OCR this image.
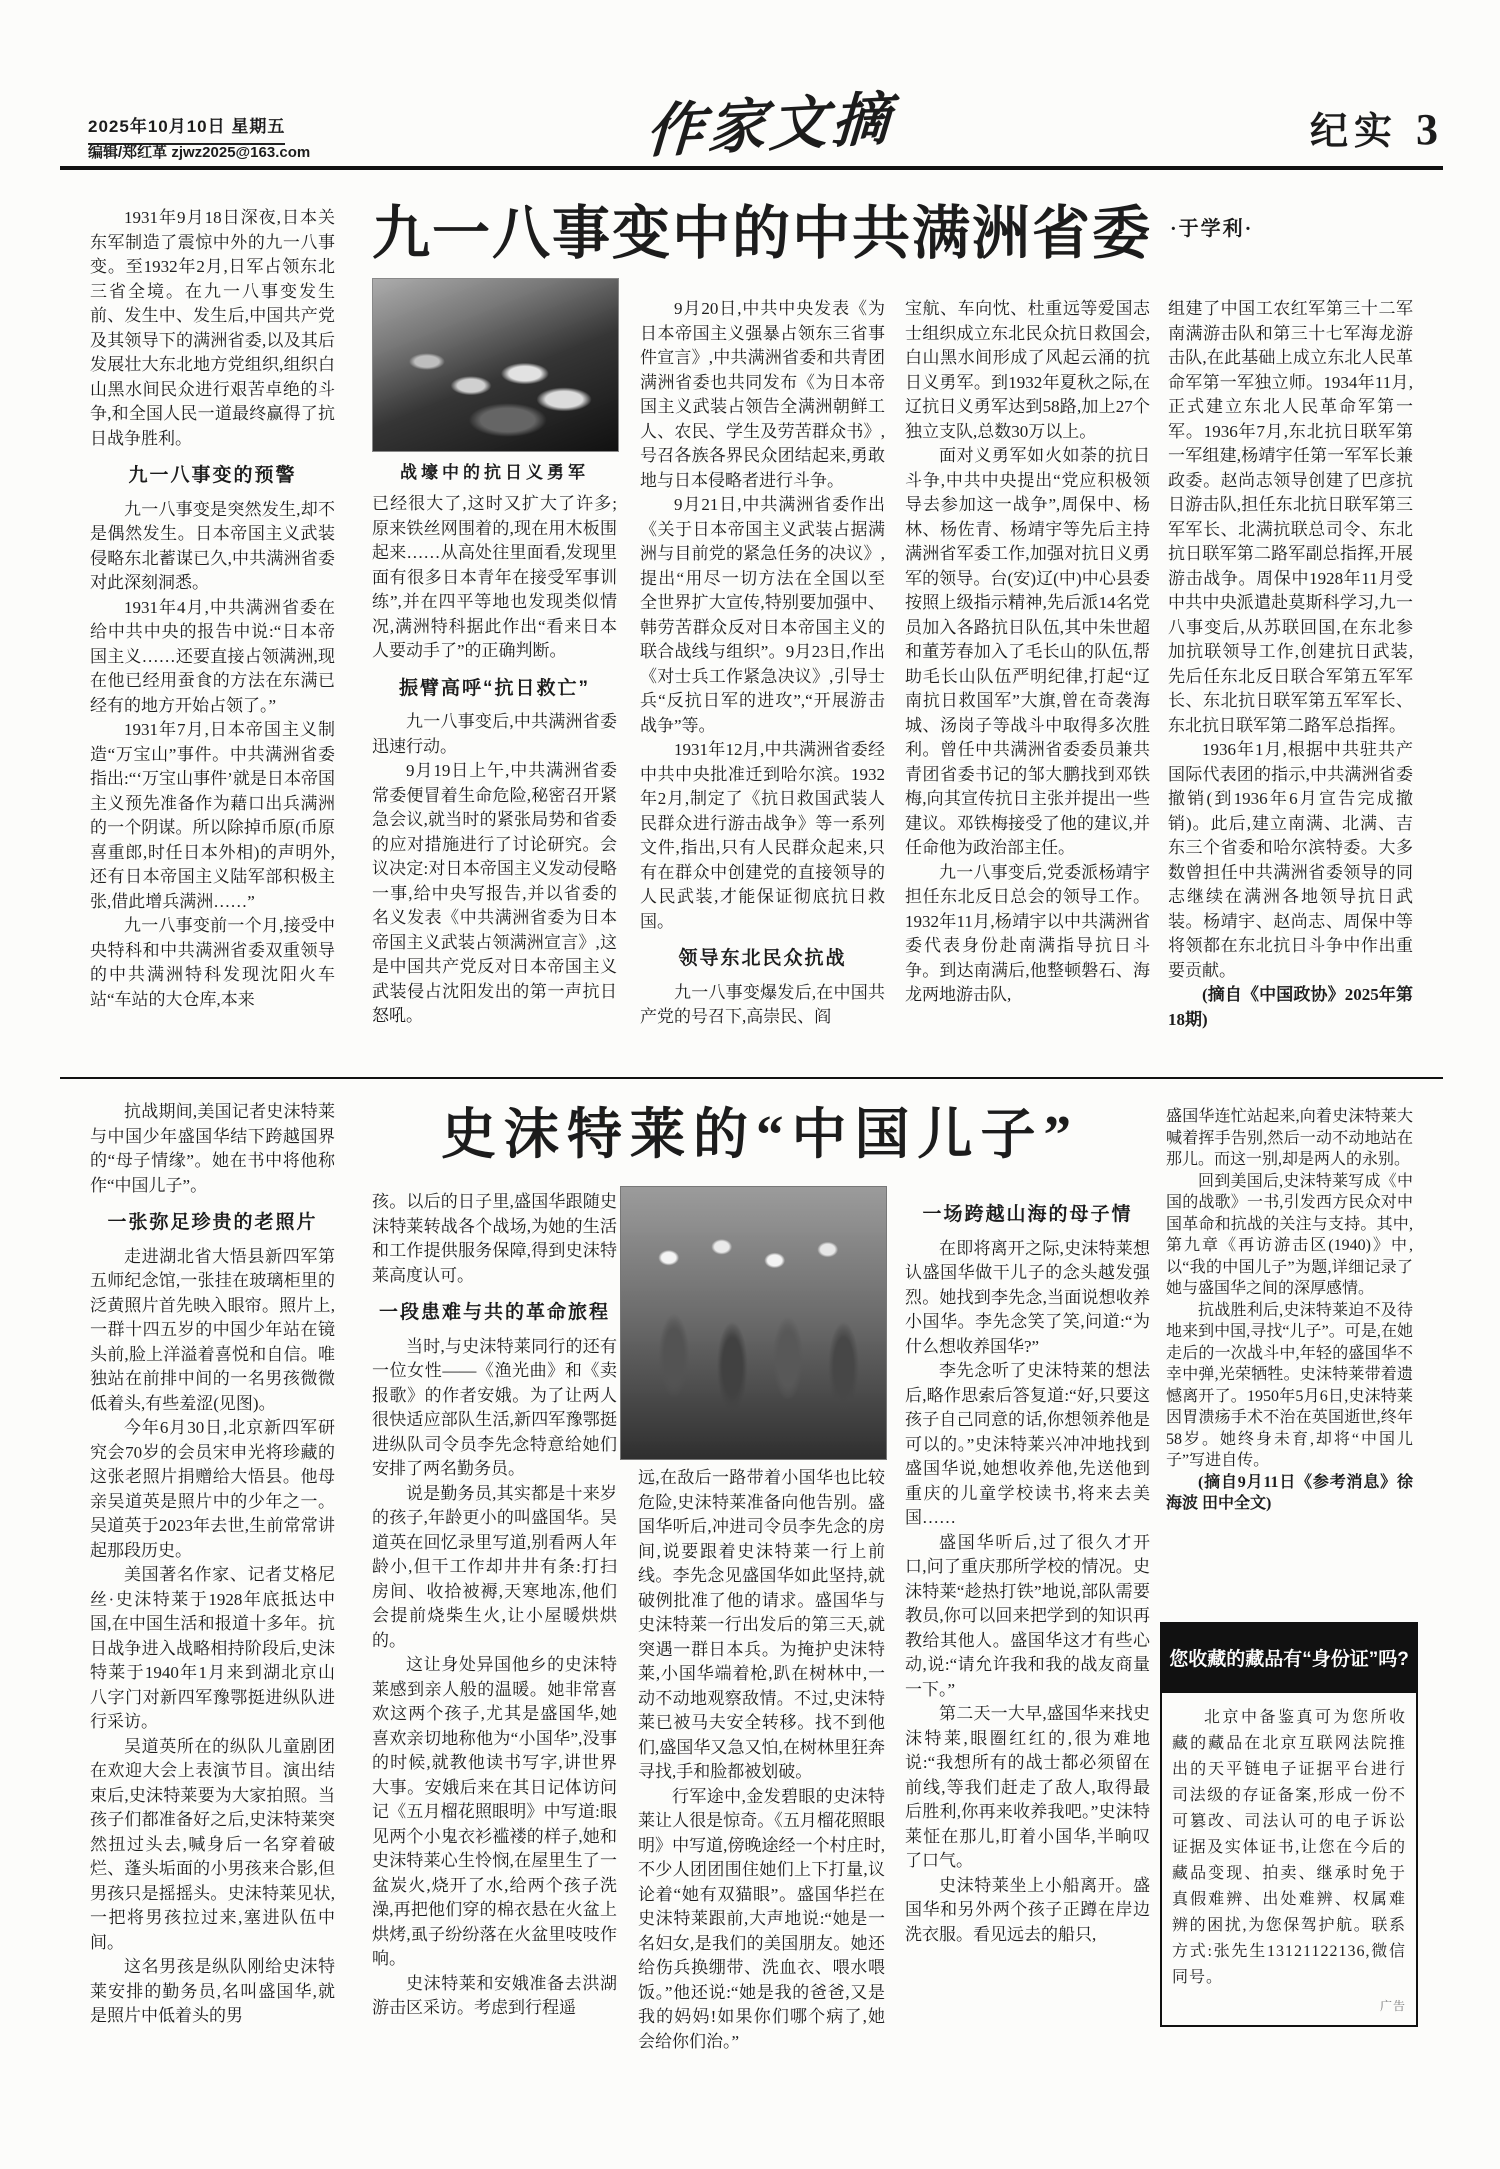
2025年10月10日 星期五
编辑/郑红革 zjwz2025@163.com	作家文摘	纪实 3
九一八事变中的中共满洲省委 ·于学利·
战壕中的抗日义勇军

1931年9月18日深夜,日本关东军制造了震惊中外的九一八事变。至1932年2月,日军占领东北三省全境。在九一八事变发生前、发生中、发生后,中国共产党及其领导下的满洲省委,以及其后发展壮大东北地方党组织,组织白山黑水间民众进行艰苦卓绝的斗争,和全国人民一道最终赢得了抗日战争胜利。

九一八事变的预警

九一八事变是突然发生,却不是偶然发生。日本帝国主义武装侵略东北蓄谋已久,中共满洲省委对此深刻洞悉。

1931年4月,中共满洲省委在给中共中央的报告中说:“日本帝国主义……还要直接占领满洲,现在他已经用蚕食的方法在东满已经有的地方开始占领了。”

1931年7月,日本帝国主义制造“万宝山”事件。中共满洲省委指出:“‘万宝山事件’就是日本帝国主义预先准备作为藉口出兵满洲的一个阴谋。所以除掉币原(币原喜重郎,时任日本外相)的声明外,还有日本帝国主义陆军部积极主张,借此增兵满洲……”

九一八事变前一个月,接受中央特科和中共满洲省委双重领导的中共满洲特科发现沈阳火车站“车站的大仓库,本来

已经很大了,这时又扩大了许多;原来铁丝网围着的,现在用木板围起来……从高处往里面看,发现里面有很多日本青年在接受军事训练”,并在四平等地也发现类似情况,满洲特科据此作出“看来日本人要动手了”的正确判断。

振臂高呼“抗日救亡”

九一八事变后,中共满洲省委迅速行动。

9月19日上午,中共满洲省委常委便冒着生命危险,秘密召开紧急会议,就当时的紧张局势和省委的应对措施进行了讨论研究。会议决定:对日本帝国主义发动侵略一事,给中央写报告,并以省委的名义发表《中共满洲省委为日本帝国主义武装占领满洲宣言》,这是中国共产党反对日本帝国主义武装侵占沈阳发出的第一声抗日怒吼。

9月20日,中共中央发表《为日本帝国主义强暴占领东三省事件宣言》,中共满洲省委和共青团满洲省委也共同发布《为日本帝国主义武装占领告全满洲朝鲜工人、农民、学生及劳苦群众书》,号召各族各界民众团结起来,勇敢地与日本侵略者进行斗争。

9月21日,中共满洲省委作出《关于日本帝国主义武装占据满洲与目前党的紧急任务的决议》,提出“用尽一切方法在全国以至全世界扩大宣传,特别要加强中、韩劳苦群众反对日本帝国主义的联合战线与组织”。9月23日,作出《对士兵工作紧急决议》,引导士兵“反抗日军的进攻”,“开展游击战争”等。

1931年12月,中共满洲省委经中共中央批准迁到哈尔滨。1932年2月,制定了《抗日救国武装人民群众进行游击战争》等一系列文件,指出,只有人民群众起来,只有在群众中创建党的直接领导的人民武装,才能保证彻底抗日救国。

领导东北民众抗战

九一八事变爆发后,在中国共产党的号召下,高崇民、阎

宝航、车向忱、杜重远等爱国志士组织成立东北民众抗日救国会,白山黑水间形成了风起云涌的抗日义勇军。到1932年夏秋之际,在辽抗日义勇军达到58路,加上27个独立支队,总数30万以上。

面对义勇军如火如荼的抗日斗争,中共中央提出“党应积极领导去参加这一战争”,周保中、杨林、杨佐青、杨靖宇等先后主持满洲省军委工作,加强对抗日义勇军的领导。台(安)辽(中)中心县委按照上级指示精神,先后派14名党员加入各路抗日队伍,其中朱世超和董芳春加入了毛长山的队伍,帮助毛长山队伍严明纪律,打起“辽南抗日救国军”大旗,曾在奇袭海城、汤岗子等战斗中取得多次胜利。曾任中共满洲省委委员兼共青团省委书记的邹大鹏找到邓铁梅,向其宣传抗日主张并提出一些建议。邓铁梅接受了他的建议,并任命他为政治部主任。

九一八事变后,党委派杨靖宇担任东北反日总会的领导工作。1932年11月,杨靖宇以中共满洲省委代表身份赴南满指导抗日斗争。到达南满后,他整顿磐石、海龙两地游击队,

组建了中国工农红军第三十二军南满游击队和第三十七军海龙游击队,在此基础上成立东北人民革命军第一军独立师。1934年11月,正式建立东北人民革命军第一军。1936年7月,东北抗日联军第一军组建,杨靖宇任第一军军长兼政委。赵尚志领导创建了巴彦抗日游击队,担任东北抗日联军第三军军长、北满抗联总司令、东北抗日联军第二路军副总指挥,开展游击战争。周保中1928年11月受中共中央派遣赴莫斯科学习,九一八事变后,从苏联回国,在东北参加抗联领导工作,创建抗日武装,先后任东北反日联合军第五军军长、东北抗日联军第五军军长、东北抗日联军第二路军总指挥。

1936年1月,根据中共驻共产国际代表团的指示,中共满洲省委撤销(到1936年6月宣告完成撤销)。此后,建立南满、北满、吉东三个省委和哈尔滨特委。大多数曾担任中共满洲省委领导的同志继续在满洲各地领导抗日武装。杨靖宇、赵尚志、周保中等将领都在东北抗日斗争中作出重要贡献。

(摘自《中国政协》2025年第18期)

史沫特莱的“中国儿子”

抗战期间,美国记者史沫特莱与中国少年盛国华结下跨越国界的“母子情缘”。她在书中将他称作“中国儿子”。

一张弥足珍贵的老照片

走进湖北省大悟县新四军第五师纪念馆,一张挂在玻璃柜里的泛黄照片首先映入眼帘。照片上,一群十四五岁的中国少年站在镜头前,脸上洋溢着喜悦和自信。唯独站在前排中间的一名男孩微微低着头,有些羞涩(见图)。

今年6月30日,北京新四军研究会70岁的会员宋申光将珍藏的这张老照片捐赠给大悟县。他母亲吴道英是照片中的少年之一。吴道英于2023年去世,生前常常讲起那段历史。

美国著名作家、记者艾格尼丝·史沫特莱于1928年底抵达中国,在中国生活和报道十多年。抗日战争进入战略相持阶段后,史沫特莱于1940年1月来到湖北京山八字门对新四军豫鄂挺进纵队进行采访。

吴道英所在的纵队儿童剧团在欢迎大会上表演节目。演出结束后,史沫特莱要为大家拍照。当孩子们都准备好之后,史沫特莱突然扭过头去,喊身后一名穿着破烂、蓬头垢面的小男孩来合影,但男孩只是摇摇头。史沫特莱见状,一把将男孩拉过来,塞进队伍中间。

这名男孩是纵队刚给史沫特莱安排的勤务员,名叫盛国华,就是照片中低着头的男

孩。以后的日子里,盛国华跟随史沫特莱转战各个战场,为她的生活和工作提供服务保障,得到史沫特莱高度认可。

一段患难与共的革命旅程

当时,与史沫特莱同行的还有一位女性——《渔光曲》和《卖报歌》的作者安娥。为了让两人很快适应部队生活,新四军豫鄂挺进纵队司令员李先念特意给她们安排了两名勤务员。

说是勤务员,其实都是十来岁的孩子,年龄更小的叫盛国华。吴道英在回忆录里写道,别看两人年龄小,但干工作却井井有条:打扫房间、收拾被褥,天寒地冻,他们会提前烧柴生火,让小屋暖烘烘的。

这让身处异国他乡的史沫特莱感到亲人般的温暖。她非常喜欢这两个孩子,尤其是盛国华,她喜欢亲切地称他为“小国华”,没事的时候,就教他读书写字,讲世界大事。安娥后来在其日记体访问记《五月榴花照眼明》中写道:眼见两个小鬼衣衫褴褛的样子,她和史沫特莱心生怜悯,在屋里生了一盆炭火,烧开了水,给两个孩子洗澡,再把他们穿的棉衣悬在火盆上烘烤,虱子纷纷落在火盆里吱吱作响。

史沫特莱和安娥准备去洪湖游击区采访。考虑到行程遥

远,在敌后一路带着小国华也比较危险,史沫特莱准备向他告别。盛国华听后,冲进司令员李先念的房间,说要跟着史沫特莱一行上前线。李先念见盛国华如此坚持,就破例批准了他的请求。盛国华与史沫特莱一行出发后的第三天,就突遇一群日本兵。为掩护史沫特莱,小国华端着枪,趴在树林中,一动不动地观察敌情。不过,史沫特莱已被马夫安全转移。找不到他们,盛国华又急又怕,在树林里狂奔寻找,手和脸都被划破。

行军途中,金发碧眼的史沫特莱让人很是惊奇。《五月榴花照眼明》中写道,傍晚途经一个村庄时,不少人团团围住她们上下打量,议论着“她有双猫眼”。盛国华拦在史沫特莱跟前,大声地说:“她是一名妇女,是我们的美国朋友。她还给伤兵换绷带、洗血衣、喂水喂饭。”他还说:“她是我的爸爸,又是我的妈妈!如果你们哪个病了,她会给你们治。”

一场跨越山海的母子情

在即将离开之际,史沫特莱想认盛国华做干儿子的念头越发强烈。她找到李先念,当面说想收养小国华。李先念笑了笑,问道:“为什么想收养国华?”

李先念听了史沫特莱的想法后,略作思索后答复道:“好,只要这孩子自己同意的话,你想领养他是可以的。”史沫特莱兴冲冲地找到盛国华说,她想收养他,先送他到重庆的儿童学校读书,将来去美国……

盛国华听后,过了很久才开口,问了重庆那所学校的情况。史沫特莱“趁热打铁”地说,部队需要教员,你可以回来把学到的知识再教给其他人。盛国华这才有些心动,说:“请允许我和我的战友商量一下。”

第二天一大早,盛国华来找史沫特莱,眼圈红红的,很为难地说:“我想所有的战士都必须留在前线,等我们赶走了敌人,取得最后胜利,你再来收养我吧。”史沫特莱怔在那儿,盯着小国华,半晌叹了口气。

史沫特莱坐上小船离开。盛国华和另外两个孩子正蹲在岸边洗衣服。看见远去的船只,

盛国华连忙站起来,向着史沫特莱大喊着挥手告别,然后一动不动地站在那儿。而这一别,却是两人的永别。

回到美国后,史沫特莱写成《中国的战歌》一书,引发西方民众对中国革命和抗战的关注与支持。其中,第九章《再访游击区(1940)》中,以“我的中国儿子”为题,详细记录了她与盛国华之间的深厚感情。

抗战胜利后,史沫特莱迫不及待地来到中国,寻找“儿子”。可是,在她走后的一次战斗中,年轻的盛国华不幸中弹,光荣牺牲。史沫特莱带着遗憾离开了。1950年5月6日,史沫特莱因胃溃疡手术不治在英国逝世,终年58岁。她终身未育,却将“中国儿子”写进自传。

(摘自9月11日《参考消息》徐海波 田中全文)

您收藏的藏品有“身份证”吗?
北京中备鉴真可为您所收藏的藏品在北京互联网法院推出的天平链电子证据平台进行司法级的存证备案,形成一份不可篡改、司法认可的电子诉讼证据及实体证书,让您在今后的藏品变现、拍卖、继承时免于真假难辨、出处难辨、权属难辨的困扰,为您保驾护航。联系方式:张先生13121122136,微信同号。
广告
